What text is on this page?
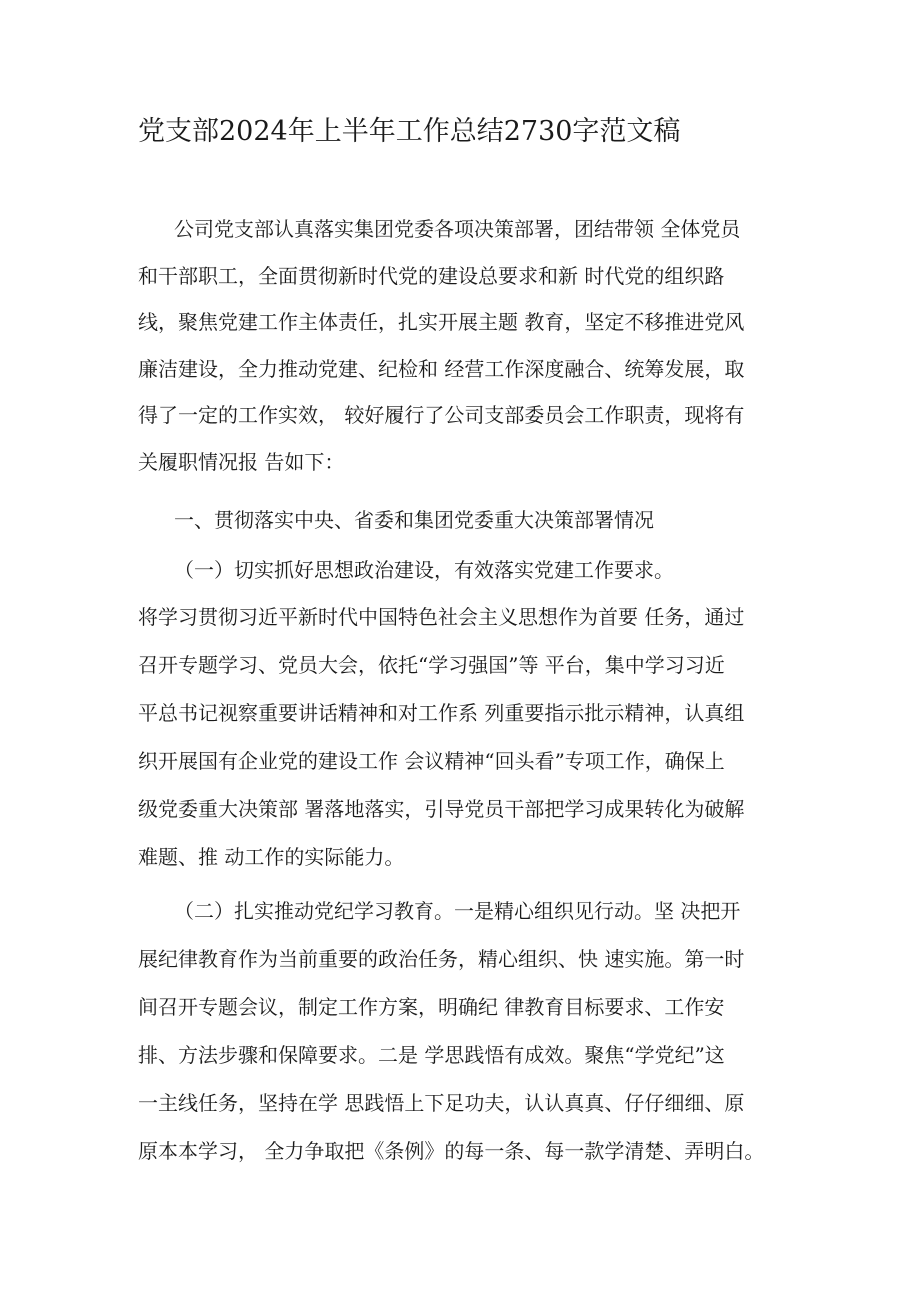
党支部2024年上半年工作总结2730字范文稿
公司党支部认真落实集团党委各项决策部署，团结带领 全体党员
和干部职工，全面贯彻新时代党的建设总要求和新 时代党的组织路
线，聚焦党建工作主体责任，扎实开展主题 教育，坚定不移推进党风
廉洁建设，全力推动党建、纪检和 经营工作深度融合、统筹发展，取
得了一定的工作实效， 较好履行了公司支部委员会工作职责，现将有
关履职情况报 告如下：
一、贯彻落实中央、省委和集团党委重大决策部署情况
（一）切实抓好思想政治建设，有效落实党建工作要求。
将学习贯彻习近平新时代中国特色社会主义思想作为首要 任务，通过
召开专题学习、党员大会，依托“学习强国”等 平台，集中学习习近
平总书记视察重要讲话精神和对工作系 列重要指示批示精神，认真组
织开展国有企业党的建设工作 会议精神“回头看”专项工作，确保上
级党委重大决策部 署落地落实，引导党员干部把学习成果转化为破解
难题、推 动工作的实际能力。
（二）扎实推动党纪学习教育。一是精心组织见行动。坚 决把开
展纪律教育作为当前重要的政治任务，精心组织、快 速实施。第一时
间召开专题会议，制定工作方案，明确纪 律教育目标要求、工作安
排、方法步骤和保障要求。二是 学思践悟有成效。聚焦“学党纪”这
一主线任务，坚持在学 思践悟上下足功夫，认认真真、仔仔细细、原
原本本学习， 全力争取把《条例》的每一条、每一款学清楚、弄明白。
